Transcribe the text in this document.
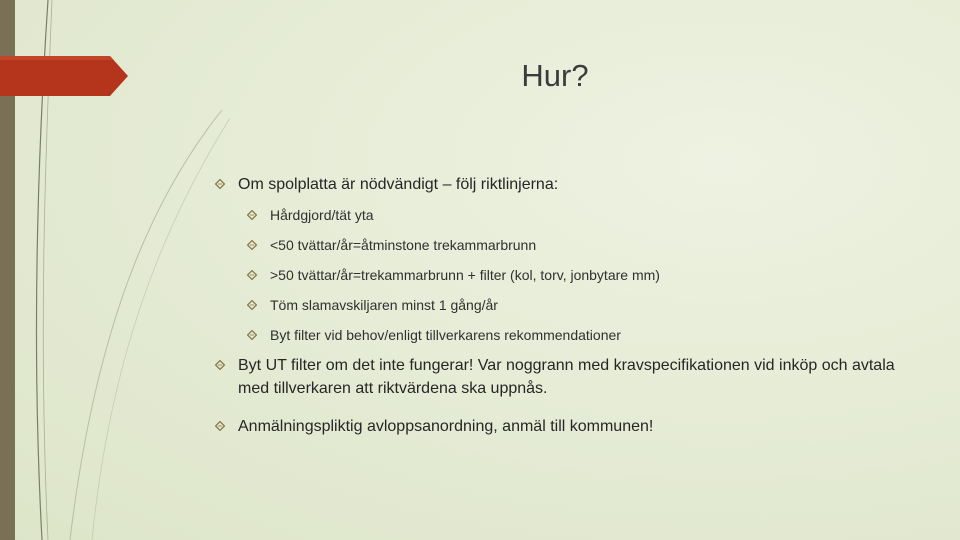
Hur?
Om spolplatta är nödvändigt – följ riktlinjerna:
Hårdgjord/tät yta
<50 tvättar/år=åtminstone trekammarbrunn
>50 tvättar/år=trekammarbrunn + filter (kol, torv, jonbytare mm)
Töm slamavskiljaren minst 1 gång/år
Byt filter vid behov/enligt tillverkarens rekommendationer
Byt UT filter om det inte fungerar! Var noggrann med kravspecifikationen vid inköp och avtala med tillverkaren att riktvärdena ska uppnås.
Anmälningspliktig avloppsanordning, anmäl till kommunen!
